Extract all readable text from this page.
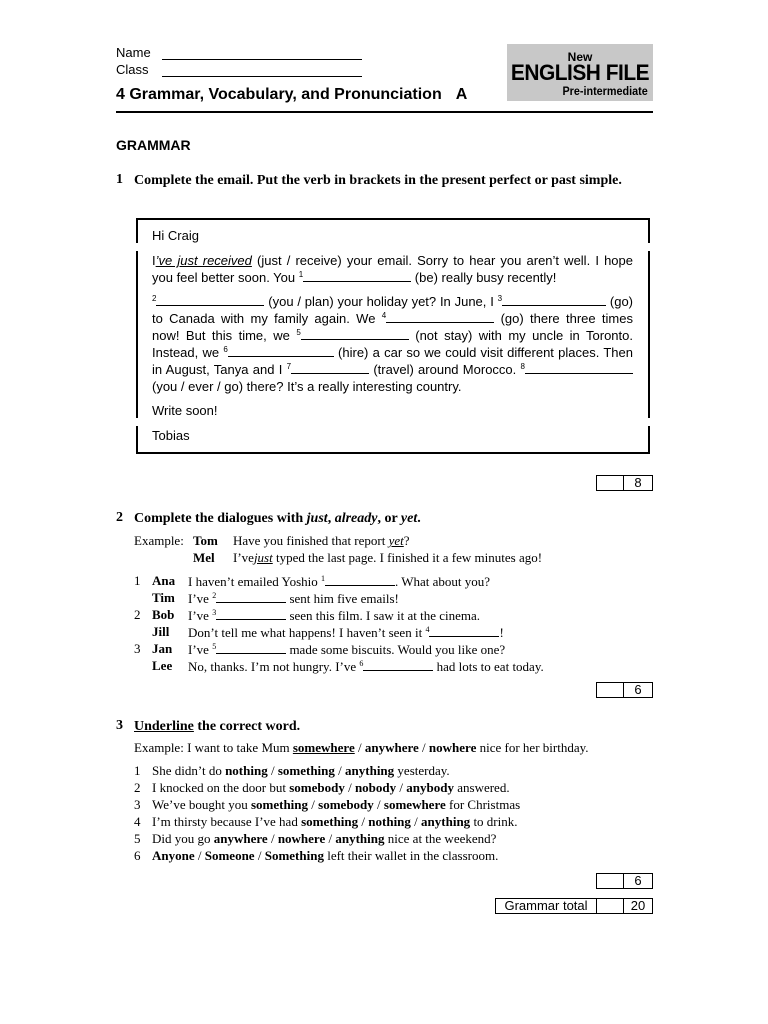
Name
Class
New
ENGLISH FILE
Pre-intermediate
4 Grammar, Vocabulary, and Pronunciation A
GRAMMAR
1 Complete the email. Put the verb in brackets in the present perfect or past simple.
Hi Craig
I’ve just received (just / receive) your email. Sorry to hear you aren’t well. I hope you feel better soon. You $^1$	(be) really busy recently!
$^2$	(you / plan) your holiday yet? In June, I $^3$	(go) to Canada with my family again. We $^4$	(go) there three times now! But this time, we $^5$	(not stay) with my uncle in Toronto. Instead, we $^6$	(hire) a car so we could visit different places. Then in August, Tanya and I $^7$	(travel) around Morocco. $^8$ (you / ever / go) there? It’s a really interesting country.
Write soon!
Tobias
8
2 Complete the dialogues with just, already, or yet.
Example: Tom Have you finished that report yet?
Mel I’vejust typed the last page. I finished it a few minutes ago!
1 Ana I haven’t emailed Yoshio $^1$	. What about you?
Tim I’ve $^2$	sent him five emails!
2 Bob I’ve $^3$	seen this film. I saw it at the cinema.
Jill Don’t tell me what happens! I haven’t seen it $^4$	!
3 Jan I’ve $^5$	made some biscuits. Would you like one?
Lee No, thanks. I’m not hungry. I’ve $^6$	had lots to eat today.
6
3 Underline the correct word.
Example: I want to take Mum somewhere / anywhere / nowhere nice for her birthday.
1 She didn’t do nothing / something / anything yesterday.
2 I knocked on the door but somebody / nobody / anybody answered.
3 We’ve bought you something / somebody / somewhere for Christmas
4 I’m thirsty because I’ve had something / nothing / anything to drink.
5 Did you go anywhere / nowhere / anything nice at the weekend?
6 Anyone / Someone / Something left their wallet in the classroom.
6
Grammar total	20
